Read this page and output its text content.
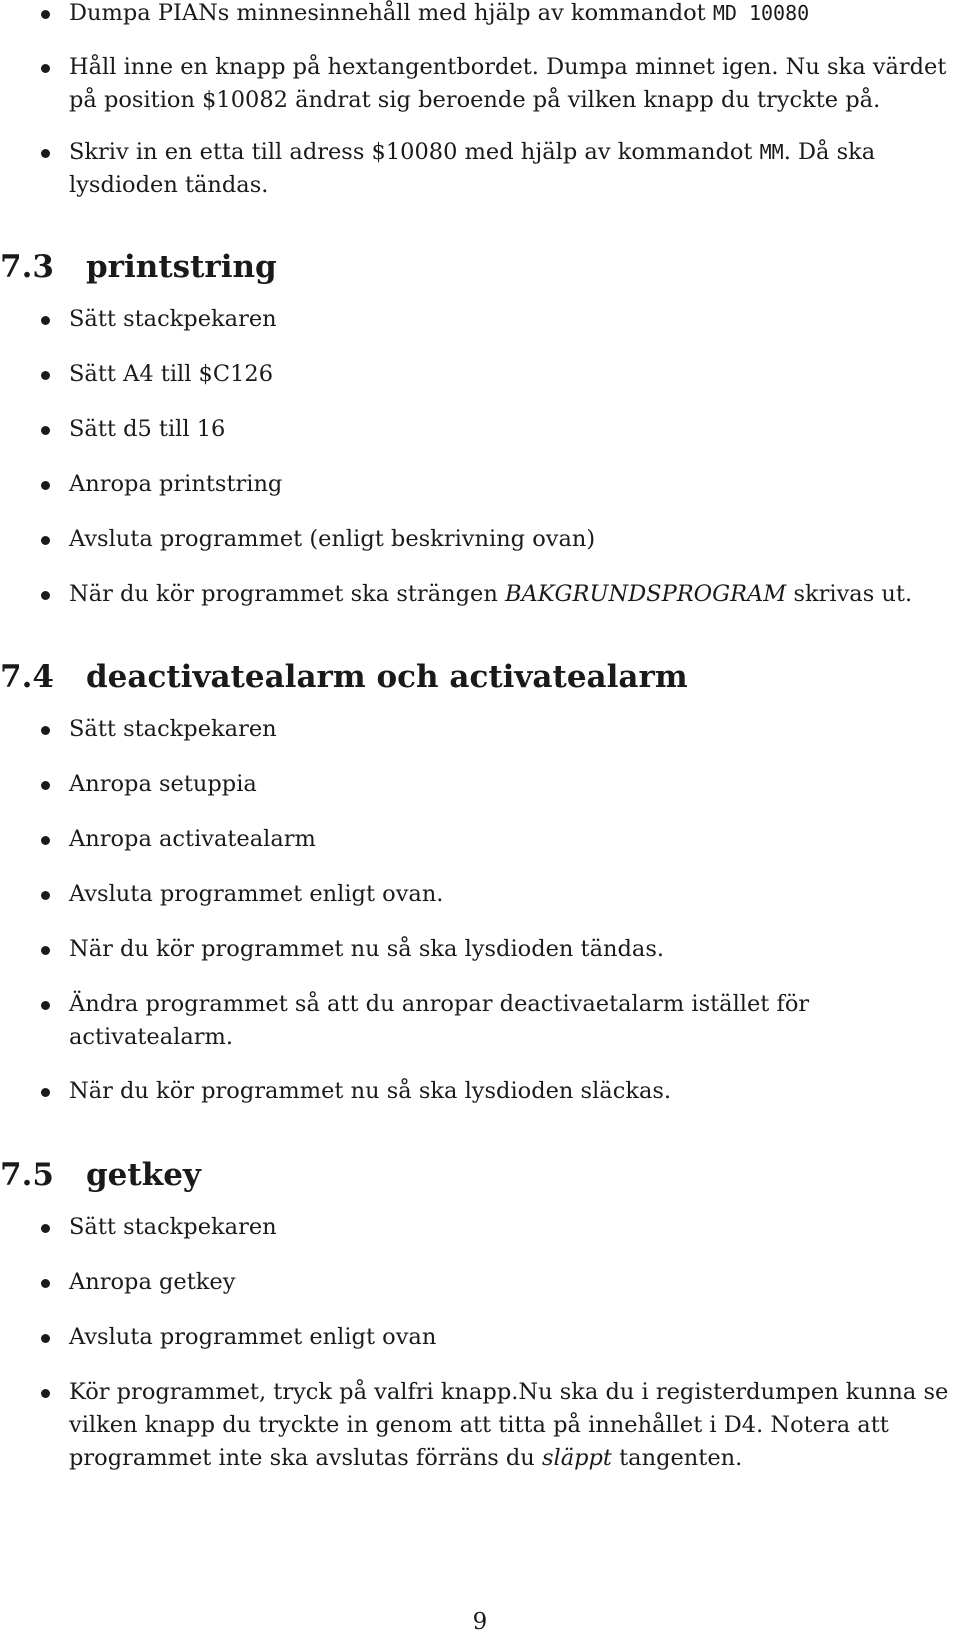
Dumpa PIANs minnesinnehåll med hjälp av kommandot MD 10080

Håll inne en knapp på hextangentbordet. Dumpa minnet igen. Nu ska värdet på position $10082 ändrat sig beroende på vilken knapp du tryckte på.

Skriv in en etta till adress $10080 med hjälp av kommandot MM. Då ska lysdioden tändas.

7.3 printstring

Sätt stackpekaren

Sätt A4 till $C126

Sätt d5 till 16

Anropa printstring

Avsluta programmet (enligt beskrivning ovan)

När du kör programmet ska strängen BAKGRUNDSPROGRAM skrivas ut.

7.4 deactivatealarm och activatealarm

Sätt stackpekaren

Anropa setuppia

Anropa activatealarm

Avsluta programmet enligt ovan.

När du kör programmet nu så ska lysdioden tändas.

Ändra programmet så att du anropar deactivaetalarm istället för activatealarm.

När du kör programmet nu så ska lysdioden släckas.

7.5 getkey

Sätt stackpekaren

Anropa getkey

Avsluta programmet enligt ovan

Kör programmet, tryck på valfri knapp.Nu ska du i registerdumpen kunna se vilken knapp du tryckte in genom att titta på innehållet i D4. Notera att programmet inte ska avslutas förräns du släppt tangenten.

9
